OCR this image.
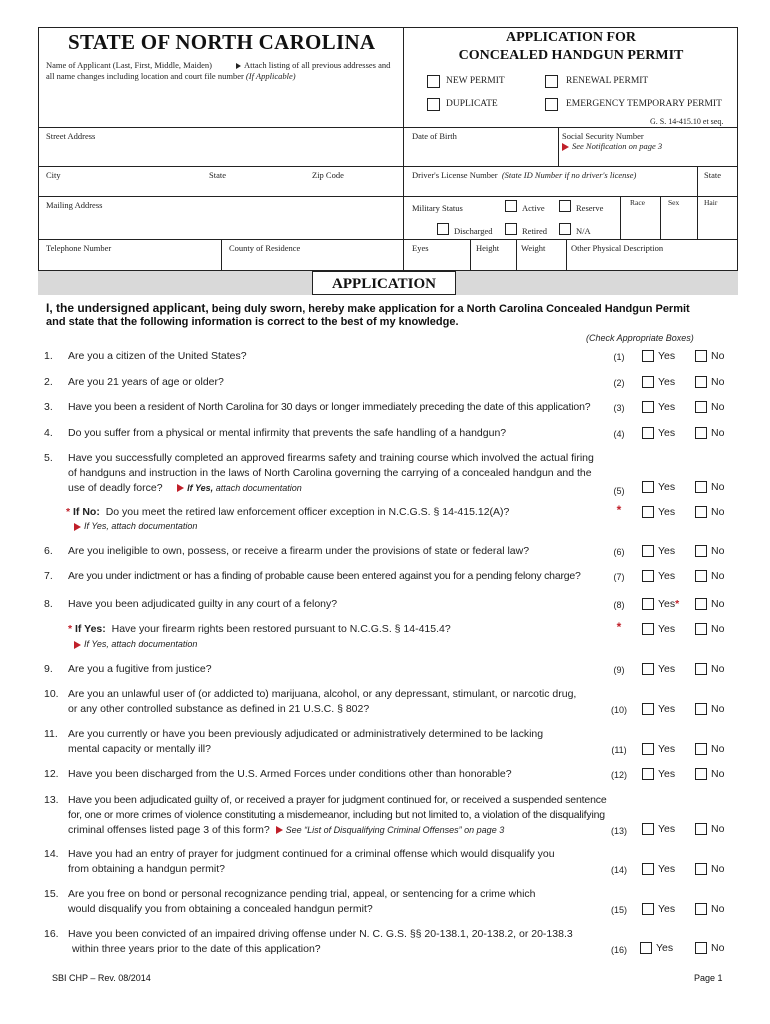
STATE OF NORTH CAROLINA
Name of Applicant (Last, First, Middle, Maiden)	Attach listing of all previous addresses and
all name changes including location and court file number (If Applicable)
APPLICATION FOR
CONCEALED HANDGUN PERMIT
NEW PERMIT	RENEWAL PERMIT
DUPLICATE	EMERGENCY TEMPORARY PERMIT
G. S. 14-415.10 et seq.
Street Address	Date of Birth	Social Security Number
See Notification on page 3
City	State	Zip Code	Driver's License Number (State ID Number if no driver's license)	State
Mailing Address	Military Status	Active	Reserve
Discharged	Retired	N/A
Race	Sex	Hair
Telephone Number	County of Residence	Eyes	Height	Weight	Other Physical Description
APPLICATION
I, the undersigned applicant, being duly sworn, hereby make application for a North Carolina Concealed Handgun Permit
and state that the following information is correct to the best of my knowledge.
(Check Appropriate Boxes)
1. Are you a citizen of the United States?	(1)	Yes	No
2. Are you 21 years of age or older?	(2)	Yes	No
3. Have you been a resident of North Carolina for 30 days or longer immediately preceding the date of this application?	(3)	Yes	No
4. Do you suffer from a physical or mental infirmity that prevents the safe handling of a handgun?	(4)	Yes	No
5. Have you successfully completed an approved firearms safety and training course which involved the actual firing
of handguns and instruction in the laws of North Carolina governing the carrying of a concealed handgun and the
use of deadly force?	If Yes, attach documentation	(5)	Yes	No
* If No: Do you meet the retired law enforcement officer exception in N.C.G.S. § 14-415.12(A)?
If Yes, attach documentation
*	Yes	No
6. Are you ineligible to own, possess, or receive a firearm under the provisions of state or federal law?	(6)	Yes	No
7. Are you under indictment or has a finding of probable cause been entered against you for a pending felony charge?	(7)	Yes	No
8. Have you been adjudicated guilty in any court of a felony?	(8)	Yes*	No
* If Yes: Have your firearm rights been restored pursuant to N.C.G.S. § 14-415.4?
If Yes, attach documentation
*	Yes	No
9. Are you a fugitive from justice?	(9)	Yes	No
10. Are you an unlawful user of (or addicted to) marijuana, alcohol, or any depressant, stimulant, or narcotic drug,
or any other controlled substance as defined in 21 U.S.C. § 802?	(10)	Yes	No
11. Are you currently or have you been previously adjudicated or administratively determined to be lacking
mental capacity or mentally ill?	(11)	Yes	No
12. Have you been discharged from the U.S. Armed Forces under conditions other than honorable?	(12)	Yes	No
13. Have you been adjudicated guilty of, or received a prayer for judgment continued for, or received a suspended sentence
for, one or more crimes of violence constituting a misdemeanor, including but not limited to, a violation of the disqualifying
criminal offenses listed page 3 of this form? See “List of Disqualifying Criminal Offenses” on page 3	(13)	Yes	No
14. Have you had an entry of prayer for judgment continued for a criminal offense which would disqualify you
from obtaining a handgun permit?	(14)	Yes	No
15. Are you free on bond or personal recognizance pending trial, appeal, or sentencing for a crime which
would disqualify you from obtaining a concealed handgun permit?	(15)	Yes	No
16. Have you been convicted of an impaired driving offense under N. C. G.S. §§ 20-138.1, 20-138.2, or 20-138.3
within three years prior to the date of this application?	(16)	Yes	No
SBI CHP – Rev. 08/2014	Page 1
